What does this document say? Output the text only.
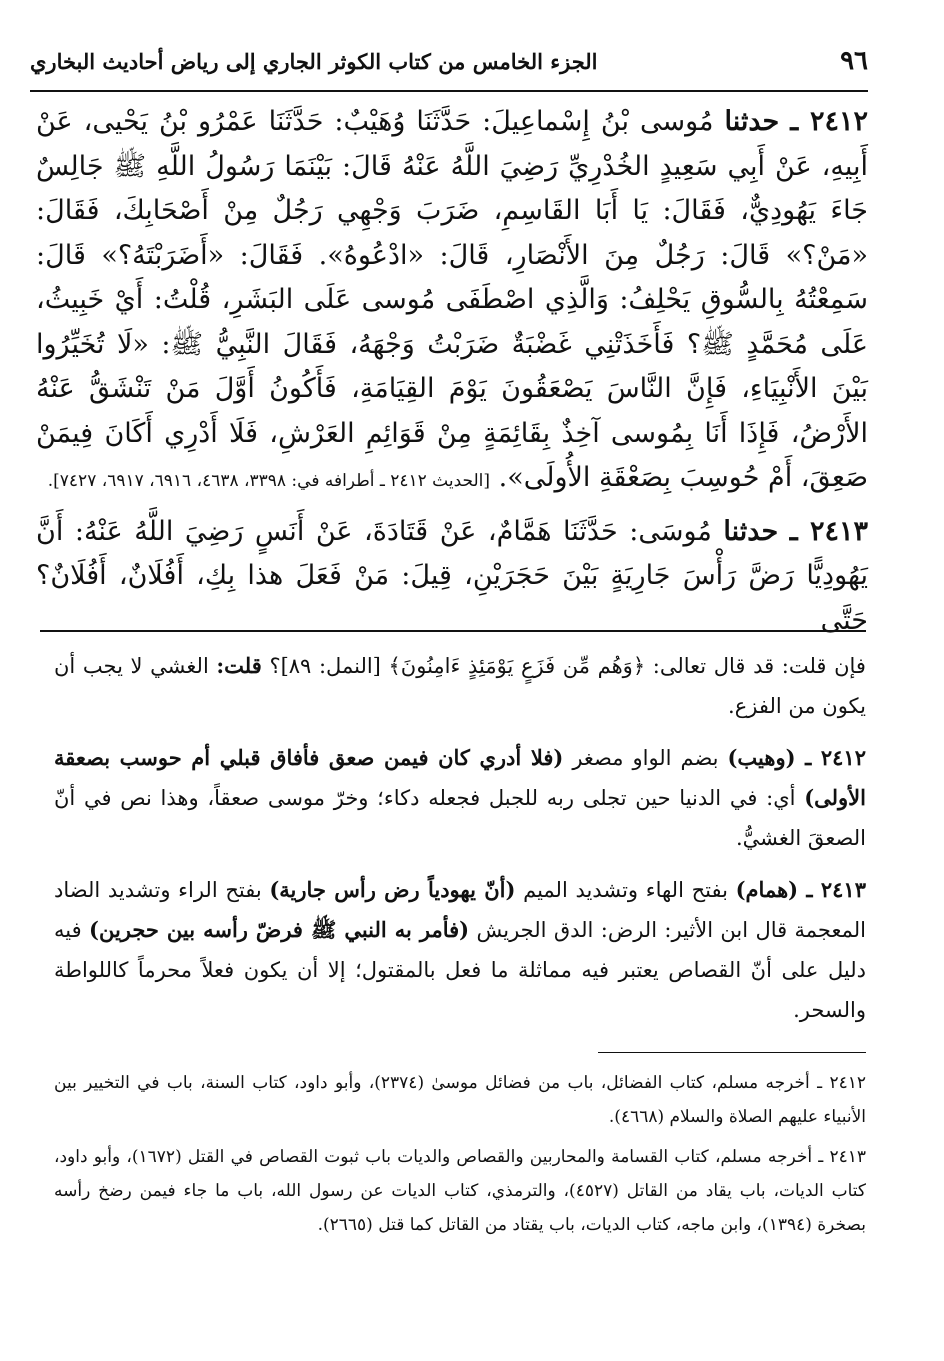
٩٦
الجزء الخامس من كتاب الكوثر الجاري إلى رياض أحاديث البخاري

٢٤١٢ ـ حدثنا مُوسى بْنُ إِسْماعِيلَ: حَدَّثَنَا وُهَيْبٌ: حَدَّثَنَا عَمْرُو بْنُ يَحْيى، عَنْ أَبِيهِ، عَنْ أَبِي سَعِيدٍ الخُدْرِيِّ رَضِيَ اللَّهُ عَنْهُ قَالَ: بَيْنَمَا رَسُولُ اللَّهِ ﷺ جَالِسٌ جَاءَ يَهُودِيٌّ، فَقَالَ: يَا أَبَا القَاسِمِ، ضَرَبَ وَجْهِي رَجُلٌ مِنْ أَصْحَابِكَ، فَقَالَ: «مَنْ؟» قَالَ: رَجُلٌ مِنَ الأَنْصَارِ، قَالَ: «ادْعُوهُ». فَقَالَ: «أَضَرَبْتَهُ؟» قَالَ: سَمِعْتُهُ بِالسُّوقِ يَحْلِفُ: وَالَّذِي اصْطَفَى مُوسى عَلَى البَشَرِ، قُلْتُ: أَيْ خَبِيثُ، عَلَى مُحَمَّدٍ ﷺ؟ فَأَخَذَتْنِي غَضْبَةٌ ضَرَبْتُ وَجْهَهُ، فَقَالَ النَّبِيُّ ﷺ: «لَا تُخَيِّرُوا بَيْنَ الأَنْبِيَاءِ، فَإِنَّ النَّاسَ يَصْعَقُونَ يَوْمَ القِيَامَةِ، فَأَكُونُ أَوَّلَ مَنْ تَنْشَقُّ عَنْهُ الأَرْضُ، فَإِذَا أَنَا بِمُوسى آخِذٌ بِقَائِمَةٍ مِنْ قَوَائِمِ العَرْشِ، فَلَا أَدْرِي أَكَانَ فِيمَنْ صَعِقَ، أَمْ حُوسِبَ بِصَعْقَةِ الأُولَى». [الحديث ٢٤١٢ ـ أطرافه في: ٣٣٩٨، ٤٦٣٨، ٦٩١٦، ٦٩١٧، ٧٤٢٧].

٢٤١٣ ـ حدثنا مُوسَى: حَدَّثَنَا هَمَّامٌ، عَنْ قَتَادَةَ، عَنْ أَنَسٍ رَضِيَ اللَّهُ عَنْهُ: أَنَّ يَهُودِيًّا رَضَّ رَأْسَ جَارِيَةٍ بَيْنَ حَجَرَيْنِ، قِيلَ: مَنْ فَعَلَ هذا بِكِ، أَفُلَانٌ، أَفُلَانٌ؟ حَتَّى

فإن قلت: قد قال تعالى: ﴿وَهُم مِّن فَزَعٍ يَوْمَئِذٍ ءَامِنُونَ﴾ [النمل: ٨٩]؟ قلت: الغشي لا يجب أن يكون من الفزع.

٢٤١٢ ـ (وهيب) بضم الواو مصغر (فلا أدري كان فيمن صعق فأفاق قبلي أم حوسب بصعقة الأولى) أي: في الدنيا حين تجلى ربه للجبل فجعله دكاء؛ وخرّ موسى صعقاً، وهذا نص في أنّ الصعقَ الغشيُّ.

٢٤١٣ ـ (همام) بفتح الهاء وتشديد الميم (أنّ يهودياً رض رأس جارية) بفتح الراء وتشديد الضاد المعجمة قال ابن الأثير: الرض: الدق الجريش (فأمر به النبي ﷺ فرضّ رأسه بين حجرين) فيه دليل على أنّ القصاص يعتبر فيه مماثلة ما فعل بالمقتول؛ إلا أن يكون فعلاً محرماً كاللواطة والسحر.

٢٤١٢ ـ أخرجه مسلم، كتاب الفضائل، باب من فضائل موسىٰ (٢٣٧٤)، وأبو داود، كتاب السنة، باب في التخيير بين الأنبياء عليهم الصلاة والسلام (٤٦٦٨).

٢٤١٣ ـ أخرجه مسلم، كتاب القسامة والمحاربين والقصاص والديات باب ثبوت القصاص في القتل (١٦٧٢)، وأبو داود، كتاب الديات، باب يقاد من القاتل (٤٥٢٧)، والترمذي، كتاب الديات عن رسول الله، باب ما جاء فيمن رضخ رأسه بصخرة (١٣٩٤)، وابن ماجه، كتاب الديات، باب يقتاد من القاتل كما قتل (٢٦٦٥).
